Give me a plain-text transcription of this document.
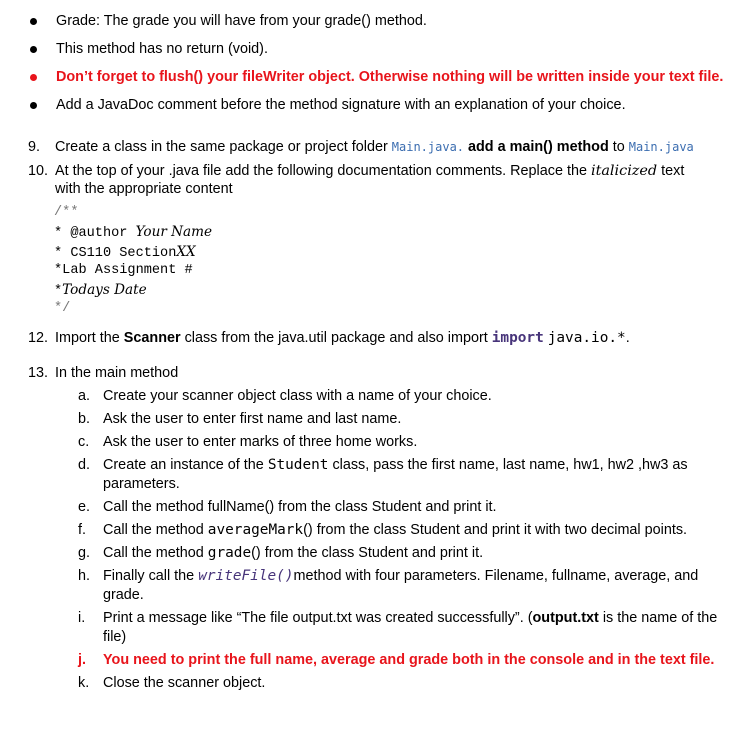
Grade: The grade you will have from your grade() method.
This method has no return (void).
Don’t forget to flush() your fileWriter object. Otherwise nothing will be written inside your text file.
Add a JavaDoc comment before the method signature with an explanation of your choice.
9. Create a class in the same package or project folder Main.java. add a main() method to Main.java
10. At the top of your .java file add the following documentation comments. Replace the italicized text
with the appropriate content
/**
* @author Your Name
* CS110 SectionXX
*Lab Assignment #
*Todays Date
*/
12. Import the Scanner class from the java.util package and also import import java.io.*.
13. In the main method
a. Create your scanner object class with a name of your choice.
b. Ask the user to enter first name and last name.
c. Ask the user to enter marks of three home works.
d. Create an instance of the Student class, pass the first name, last name, hw1, hw2 ,hw3 as parameters.
e. Call the method fullName() from the class Student and print it.
f. Call the method averageMark() from the class Student and print it with two decimal points.
g. Call the method grade() from the class Student and print it.
h. Finally call the writeFile()method with four parameters. Filename, fullname, average, and grade.
i. Print a message like “The file output.txt was created successfully”. (output.txt is the name of the file)
j. You need to print the full name, average and grade both in the console and in the text file.
k. Close the scanner object.
